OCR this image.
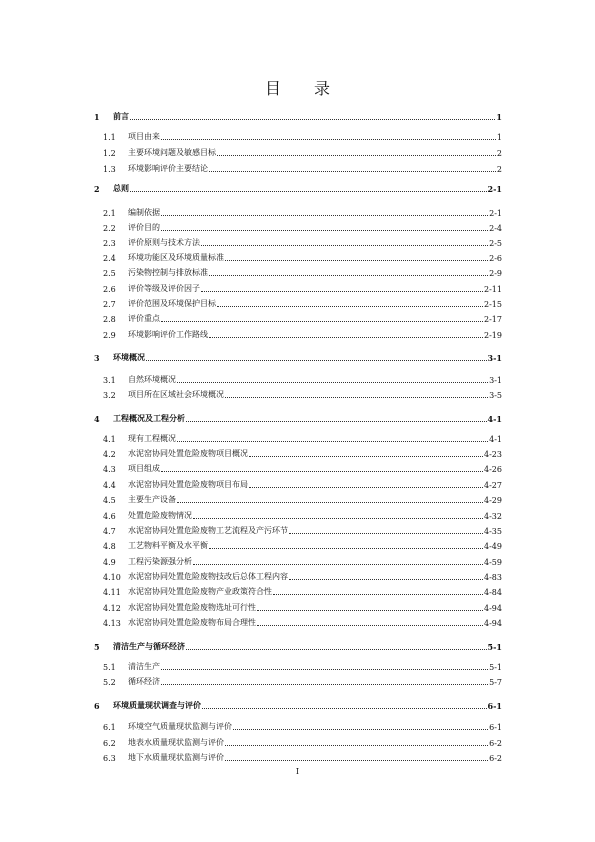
目 录
1	前言	1
1.1	项目由来	1
1.2	主要环境问题及敏感目标	2
1.3	环境影响评价主要结论	2
2	总则	2-1
2.1	编制依据	2-1
2.2	评价目的	2-4
2.3	评价原则与技术方法	2-5
2.4	环境功能区及环境质量标准	2-6
2.5	污染物控制与排放标准	2-9
2.6	评价等级及评价因子	2-11
2.7	评价范围及环境保护目标	2-15
2.8	评价重点	2-17
2.9	环境影响评价工作路线	2-19
3	环境概况	3-1
3.1	自然环境概况	3-1
3.2	项目所在区域社会环境概况	3-5
4	工程概况及工程分析	4-1
4.1	现有工程概况	4-1
4.2	水泥窑协同处置危险废物项目概况	4-23
4.3	项目组成	4-26
4.4	水泥窑协同处置危险废物项目布局	4-27
4.5	主要生产设备	4-29
4.6	处置危险废物情况	4-32
4.7	水泥窑协同处置危险废物工艺流程及产污环节	4-35
4.8	工艺物料平衡及水平衡	4-49
4.9	工程污染源强分析	4-59
4.10 水泥窑协同处置危险废物技改后总体工程内容	4-83
4.11 水泥窑协同处置危险废物产业政策符合性	4-84
4.12 水泥窑协同处置危险废物选址可行性	4-94
4.13 水泥窑协同处置危险废物布局合理性	4-94
5	清洁生产与循环经济	5-1
5.1	清洁生产	5-1
5.2	循环经济	5-7
6	环境质量现状调查与评价	6-1
6.1	环境空气质量现状监测与评价	6-1
6.2	地表水质量现状监测与评价	6-2
6.3	地下水质量现状监测与评价	6-2
I
